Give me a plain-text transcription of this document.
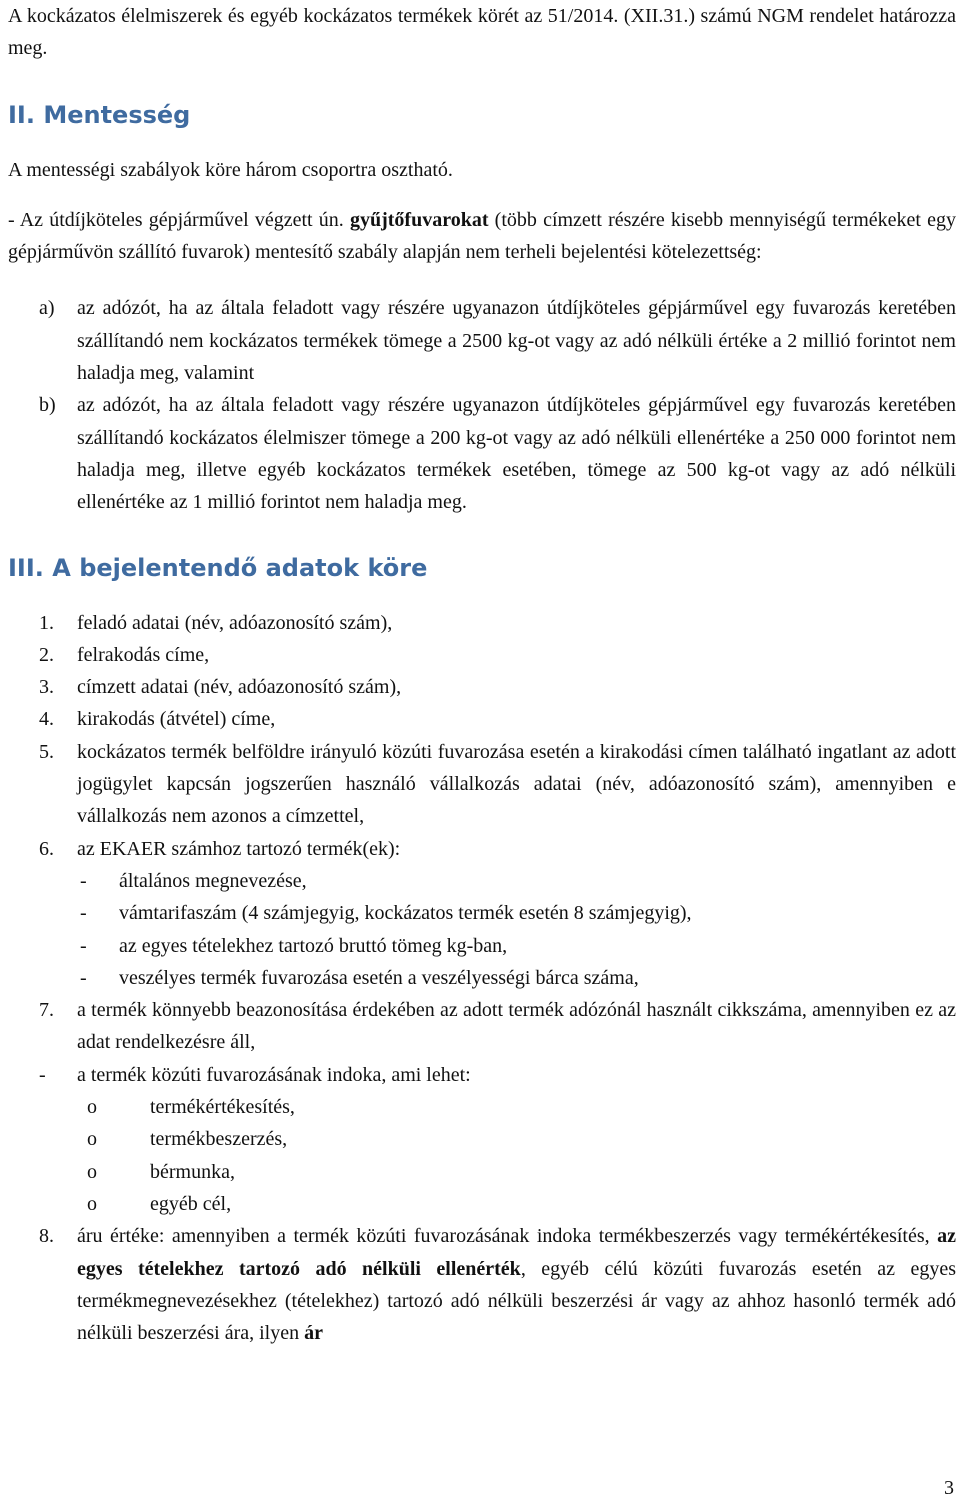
A kockázatos élelmiszerek és egyéb kockázatos termékek körét az 51/2014. (XII.31.) számú NGM rendelet határozza meg.

II. Mentesség

A mentességi szabályok köre három csoportra osztható.

- Az útdíjköteles gépjárművel végzett ún. gyűjtőfuvarokat (több címzett részére kisebb mennyiségű termékeket egy gépjárművön szállító fuvarok) mentesítő szabály alapján nem terheli bejelentési kötelezettség:

a)	az adózót, ha az általa feladott vagy részére ugyanazon útdíjköteles gépjárművel egy fuvarozás keretében szállítandó nem kockázatos termékek tömege a 2500 kg-ot vagy az adó nélküli értéke a 2 millió forintot nem haladja meg, valamint
b)	az adózót, ha az általa feladott vagy részére ugyanazon útdíjköteles gépjárművel egy fuvarozás keretében szállítandó kockázatos élelmiszer tömege a 200 kg-ot vagy az adó nélküli ellenértéke a 250 000 forintot nem haladja meg, illetve egyéb kockázatos termékek esetében, tömege az 500 kg-ot vagy az adó nélküli ellenértéke az 1 millió forintot nem haladja meg.
III. A bejelentendő adatok köre
1.	feladó adatai (név, adóazonosító szám),
2.	felrakodás címe,
3.	címzett adatai (név, adóazonosító szám),
4.	kirakodás (átvétel) címe,
5.	kockázatos termék belföldre irányuló közúti fuvarozása esetén a kirakodási címen található ingatlant az adott jogügylet kapcsán jogszerűen használó vállalkozás adatai (név, adóazonosító szám), amennyiben e vállalkozás nem azonos a címzettel,
6.	az EKAER számhoz tartozó termék(ek):
-	általános megnevezése,
-	vámtarifaszám (4 számjegyig, kockázatos termék esetén 8 számjegyig),
-	az egyes tételekhez tartozó bruttó tömeg kg-ban,
-	veszélyes termék fuvarozása esetén a veszélyességi bárca száma,
7.	a termék könnyebb beazonosítása érdekében az adott termék adózónál használt cikkszáma, amennyiben ez az adat rendelkezésre áll,
-	a termék közúti fuvarozásának indoka, ami lehet:
o	termékértékesítés,
o	termékbeszerzés,
o	bérmunka,
o	egyéb cél,
8.	áru értéke: amennyiben a termék közúti fuvarozásának indoka termékbeszerzés vagy termékértékesítés, az egyes tételekhez tartozó adó nélküli ellenérték, egyéb célú közúti fuvarozás esetén az egyes termékmegnevezésekhez (tételekhez) tartozó adó nélküli beszerzési ár vagy az ahhoz hasonló termék adó nélküli beszerzési ára, ilyen ár
3
